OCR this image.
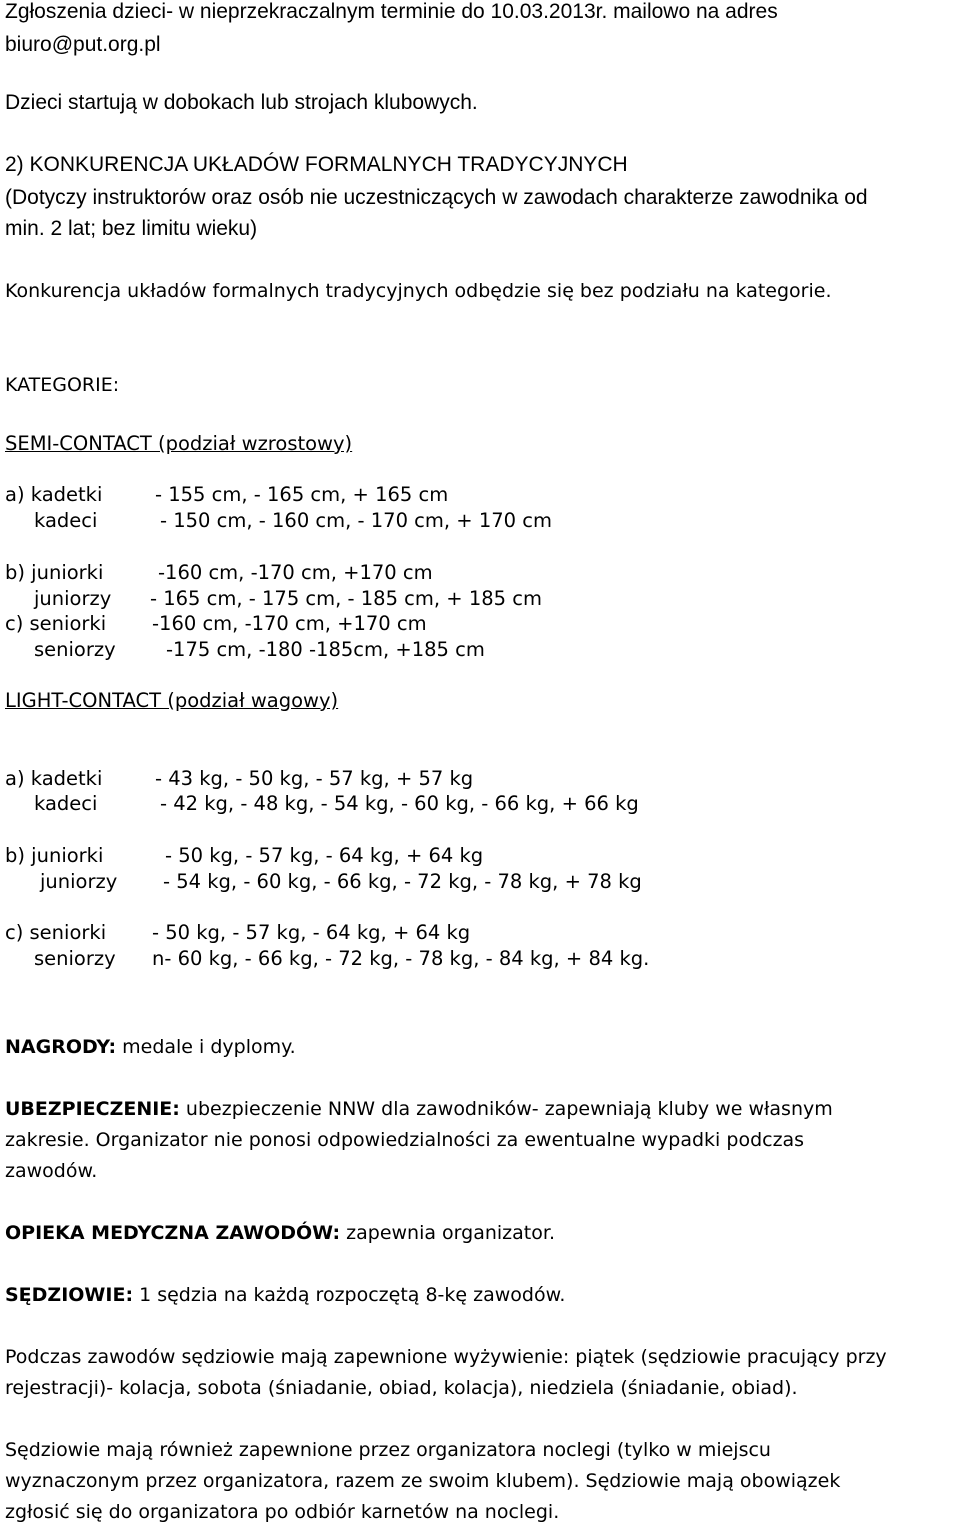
Zgłoszenia dzieci- w nieprzekraczalnym terminie do 10.03.2013r. mailowo na adres
biuro@put.org.pl
Dzieci startują w dobokach lub strojach klubowych.
2) KONKURENCJA UKŁADÓW FORMALNYCH TRADYCYJNYCH
(Dotyczy instruktorów oraz osób nie uczestniczących w zawodach charakterze zawodnika od
min. 2 lat; bez limitu wieku)
Konkurencja układów formalnych tradycyjnych odbędzie się bez podziału na kategorie.
KATEGORIE:
SEMI-CONTACT (podział wzrostowy)
a) kadetki	- 155 cm, - 165 cm, + 165 cm
kadeci	- 150 cm, - 160 cm, - 170 cm, + 170 cm
b) juniorki	-160 cm, -170 cm, +170 cm
juniorzy - 165 cm, - 175 cm, - 185 cm, + 185 cm
c) seniorki -160 cm, -170 cm, +170 cm
seniorzy	-175 cm, -180 -185cm, +185 cm
LIGHT-CONTACT (podział wagowy)
a) kadetki	- 43 kg, - 50 kg, - 57 kg, + 57 kg
kadeci	- 42 kg, - 48 kg, - 54 kg, - 60 kg, - 66 kg, + 66 kg
b) juniorki	- 50 kg, - 57 kg, - 64 kg, + 64 kg
juniorzy - 54 kg, - 60 kg, - 66 kg, - 72 kg, - 78 kg, + 78 kg
c) seniorki - 50 kg, - 57 kg, - 64 kg, + 64 kg
seniorzy n- 60 kg, - 66 kg, - 72 kg, - 78 kg, - 84 kg, + 84 kg.
NAGRODY: medale i dyplomy.
UBEZPIECZENIE: ubezpieczenie NNW dla zawodników- zapewniają kluby we własnym
zakresie. Organizator nie ponosi odpowiedzialności za ewentualne wypadki podczas
zawodów.
OPIEKA MEDYCZNA ZAWODÓW: zapewnia organizator.
SĘDZIOWIE: 1 sędzia na każdą rozpoczętą 8-kę zawodów.
Podczas zawodów sędziowie mają zapewnione wyżywienie: piątek (sędziowie pracujący przy
rejestracji)- kolacja, sobota (śniadanie, obiad, kolacja), niedziela (śniadanie, obiad).
Sędziowie mają również zapewnione przez organizatora noclegi (tylko w miejscu
wyznaczonym przez organizatora, razem ze swoim klubem). Sędziowie mają obowiązek
zgłosić się do organizatora po odbiór karnetów na noclegi.
